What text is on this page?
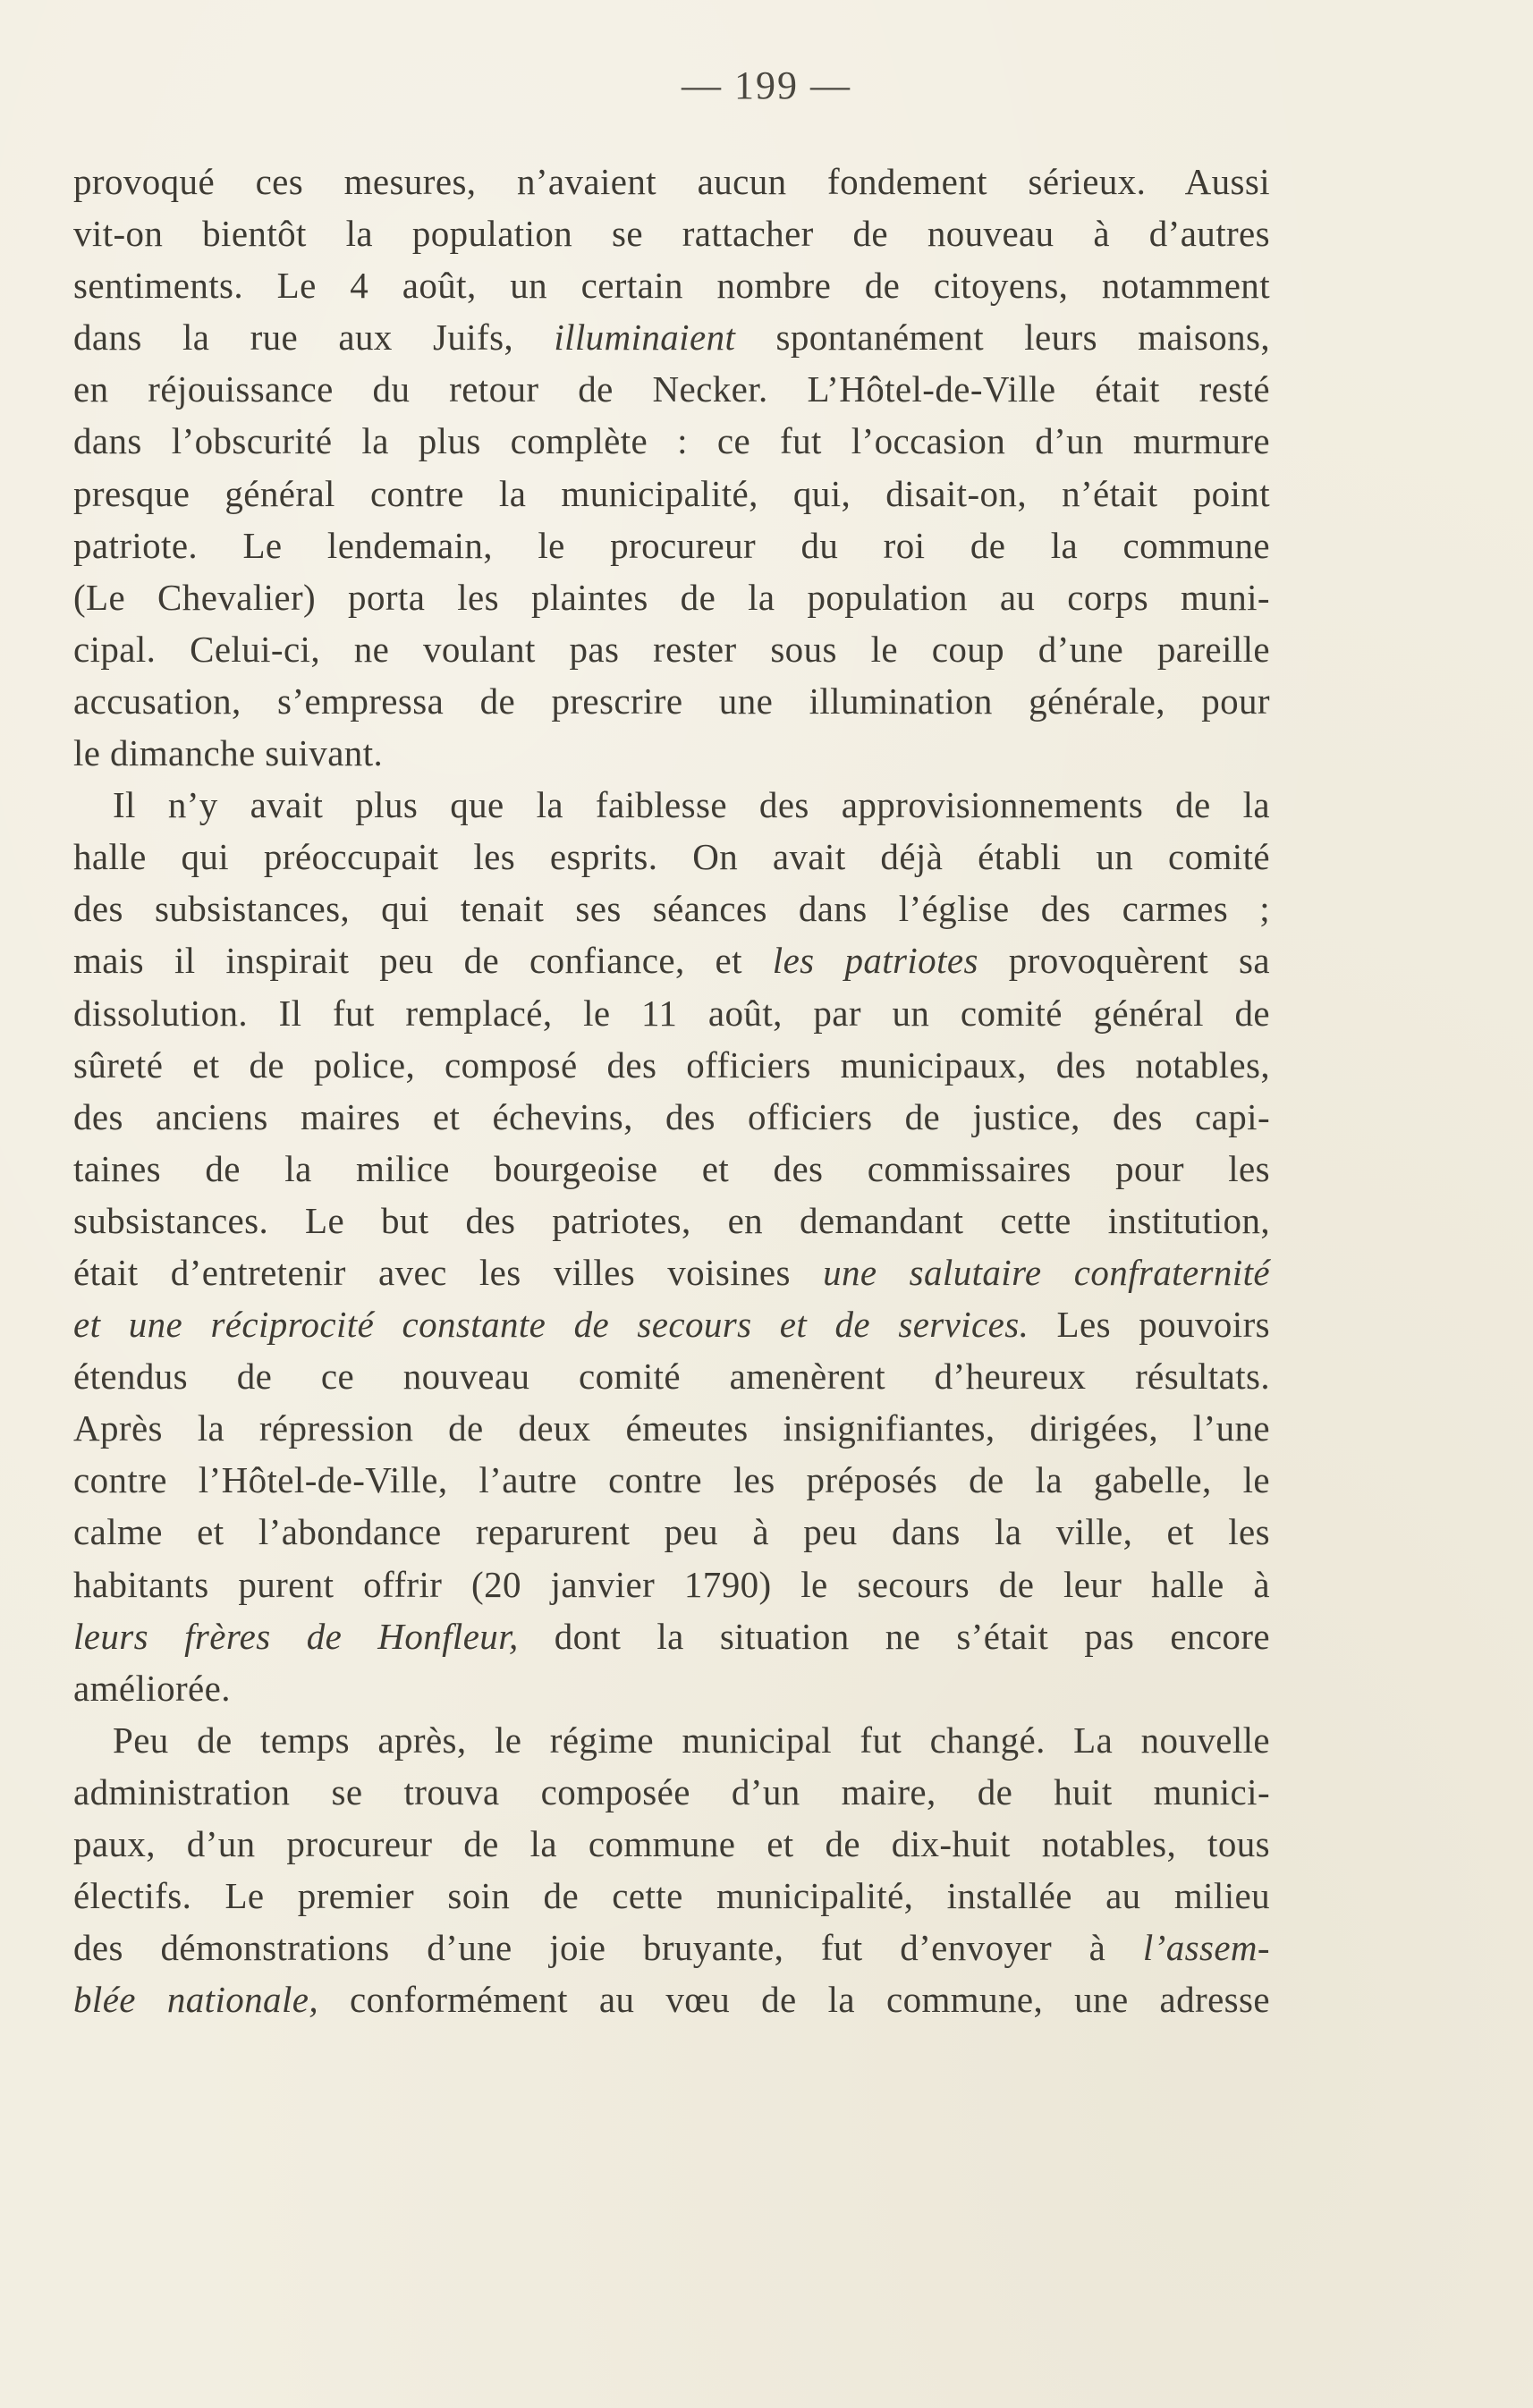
— 199 —
provoqué ces mesures, n’avaient aucun fondement sérieux. Aussi
vit-on bientôt la population se rattacher de nouveau à d’autres
sentiments. Le 4 août, un certain nombre de citoyens, notamment
dans la rue aux Juifs, illuminaient spontanément leurs maisons,
en réjouissance du retour de Necker. L’Hôtel-de-Ville était resté
dans l’obscurité la plus complète : ce fut l’occasion d’un murmure
presque général contre la municipalité, qui, disait-on, n’était point
patriote. Le lendemain, le procureur du roi de la commune
(Le Chevalier) porta les plaintes de la population au corps muni-
cipal. Celui-ci, ne voulant pas rester sous le coup d’une pareille
accusation, s’empressa de prescrire une illumination générale, pour
le dimanche suivant.
Il n’y avait plus que la faiblesse des approvisionnements de la
halle qui préoccupait les esprits. On avait déjà établi un comité
des subsistances, qui tenait ses séances dans l’église des carmes ;
mais il inspirait peu de confiance, et les patriotes provoquèrent sa
dissolution. Il fut remplacé, le 11 août, par un comité général de
sûreté et de police, composé des officiers municipaux, des notables,
des anciens maires et échevins, des officiers de justice, des capi-
taines de la milice bourgeoise et des commissaires pour les
subsistances. Le but des patriotes, en demandant cette institution,
était d’entretenir avec les villes voisines une salutaire confraternité
et une réciprocité constante de secours et de services. Les pouvoirs
étendus de ce nouveau comité amenèrent d’heureux résultats.
Après la répression de deux émeutes insignifiantes, dirigées, l’une
contre l’Hôtel-de-Ville, l’autre contre les préposés de la gabelle, le
calme et l’abondance reparurent peu à peu dans la ville, et les
habitants purent offrir (20 janvier 1790) le secours de leur halle à
leurs frères de Honfleur, dont la situation ne s’était pas encore
améliorée.
Peu de temps après, le régime municipal fut changé. La nouvelle
administration se trouva composée d’un maire, de huit munici-
paux, d’un procureur de la commune et de dix-huit notables, tous
électifs. Le premier soin de cette municipalité, installée au milieu
des démonstrations d’une joie bruyante, fut d’envoyer à l’assem-
blée nationale, conformément au vœu de la commune, une adresse
